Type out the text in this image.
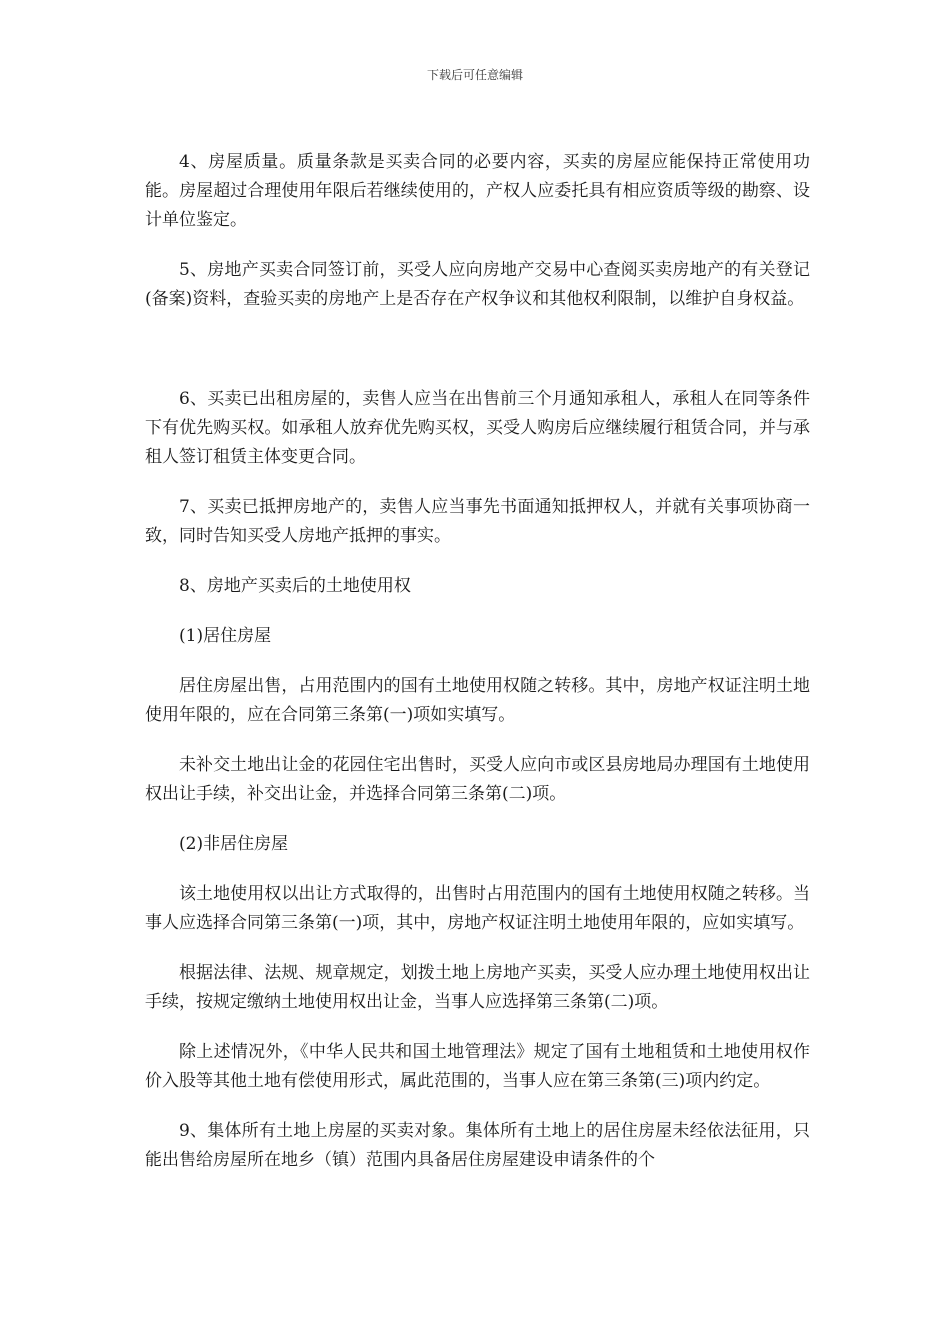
下载后可任意编辑

4、房屋质量。质量条款是买卖合同的必要内容，买卖的房屋应能保持正常使用功能。房屋超过合理使用年限后若继续使用的，产权人应委托具有相应资质等级的勘察、设计单位鉴定。

5、房地产买卖合同签订前，买受人应向房地产交易中心查阅买卖房地产的有关登记(备案)资料，查验买卖的房地产上是否存在产权争议和其他权利限制，以维护自身权益。

6、买卖已出租房屋的，卖售人应当在出售前三个月通知承租人，承租人在同等条件下有优先购买权。如承租人放弃优先购买权，买受人购房后应继续履行租赁合同，并与承租人签订租赁主体变更合同。

7、买卖已抵押房地产的，卖售人应当事先书面通知抵押权人，并就有关事项协商一致，同时告知买受人房地产抵押的事实。

8、房地产买卖后的土地使用权

(1)居住房屋

居住房屋出售，占用范围内的国有土地使用权随之转移。其中，房地产权证注明土地使用年限的，应在合同第三条第(一)项如实填写。

未补交土地出让金的花园住宅出售时，买受人应向市或区县房地局办理国有土地使用权出让手续，补交出让金，并选择合同第三条第(二)项。

(2)非居住房屋

该土地使用权以出让方式取得的，出售时占用范围内的国有土地使用权随之转移。当事人应选择合同第三条第(一)项，其中，房地产权证注明土地使用年限的，应如实填写。

根据法律、法规、规章规定，划拨土地上房地产买卖，买受人应办理土地使用权出让手续，按规定缴纳土地使用权出让金，当事人应选择第三条第(二)项。

除上述情况外，《中华人民共和国土地管理法》规定了国有土地租赁和土地使用权作价入股等其他土地有偿使用形式，属此范围的，当事人应在第三条第(三)项内约定。

9、集体所有土地上房屋的买卖对象。集体所有土地上的居住房屋未经依法征用，只能出售给房屋所在地乡（镇）范围内具备居住房屋建设申请条件的个
